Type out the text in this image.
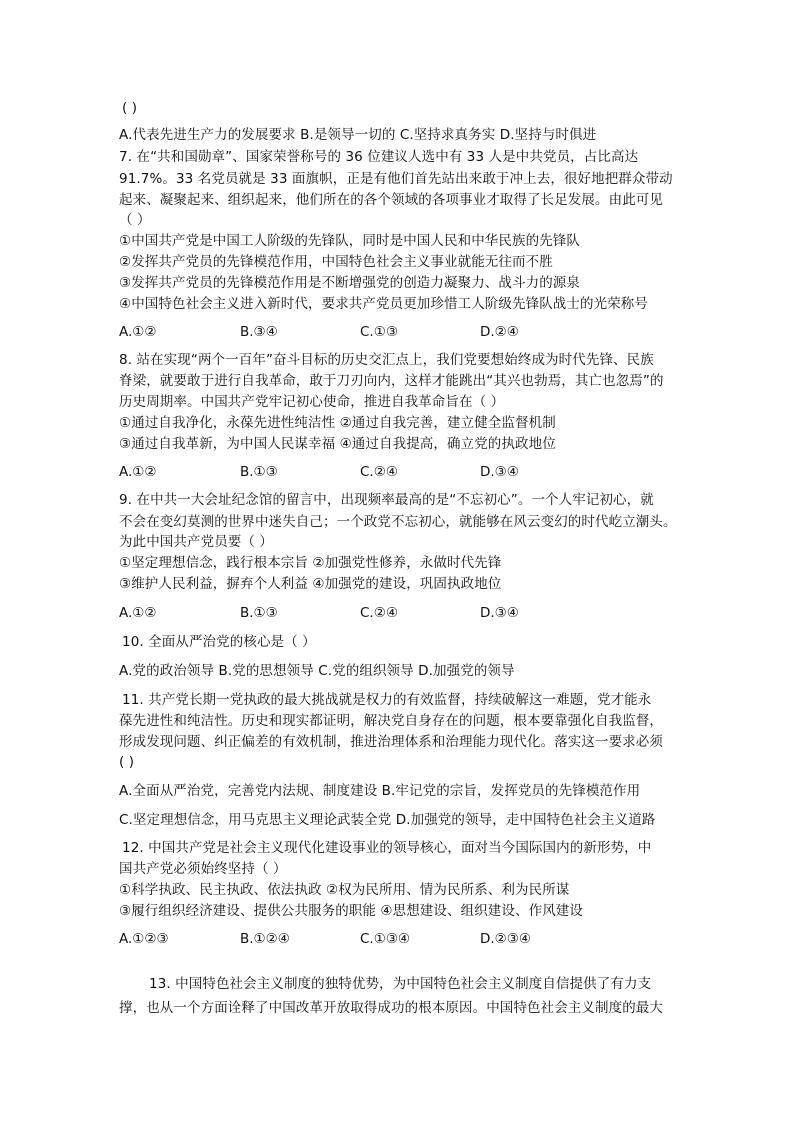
( )
A.代表先进生产力的发展要求 B.是领导一切的 C.坚持求真务实 D.坚持与时俱进
7. 在“共和国勋章”、国家荣誉称号的 36 位建议人选中有 33 人是中共党员，占比高达
91.7%。33 名党员就是 33 面旗帜，正是有他们首先站出来敢于冲上去，很好地把群众带动
起来、凝聚起来、组织起来，他们所在的各个领域的各项事业才取得了长足发展。由此可见
（ ）
①中国共产党是中国工人阶级的先锋队，同时是中国人民和中华民族的先锋队
②发挥共产党员的先锋模范作用，中国特色社会主义事业就能无往而不胜
③发挥共产党员的先锋模范作用是不断增强党的创造力凝聚力、战斗力的源泉
④中国特色社会主义进入新时代，要求共产党员更加珍惜工人阶级先锋队战士的光荣称号
A.①②	B.③④	C.①③	D.②④
8. 站在实现“两个一百年”奋斗目标的历史交汇点上，我们党要想始终成为时代先锋、民族
脊梁，就要敢于进行自我革命，敢于刀刃向内，这样才能跳出“其兴也勃焉，其亡也忽焉”的
历史周期率。中国共产党牢记初心使命，推进自我革命旨在（ ）
①通过自我净化，永葆先进性纯洁性 ②通过自我完善，建立健全监督机制
③通过自我革新，为中国人民谋幸福 ④通过自我提高，确立党的执政地位
A.①②	B.①③	C.②④	D.③④
9. 在中共一大会址纪念馆的留言中，出现频率最高的是“不忘初心”。一个人牢记初心，就
不会在变幻莫测的世界中迷失自己；一个政党不忘初心，就能够在风云变幻的时代屹立潮头。
为此中国共产党员要（ ）
①坚定理想信念，践行根本宗旨 ②加强党性修养，永做时代先锋
③维护人民利益，摒弃个人利益 ④加强党的建设，巩固执政地位
A.①②	B.①③	C.②④	D.③④
10. 全面从严治党的核心是（ ）
A.党的政治领导 B.党的思想领导 C.党的组织领导 D.加强党的领导
11. 共产党长期一党执政的最大挑战就是权力的有效监督，持续破解这一难题，党才能永
葆先进性和纯洁性。历史和现实都证明，解决党自身存在的问题，根本要靠强化自我监督，
形成发现问题、纠正偏差的有效机制，推进治理体系和治理能力现代化。落实这一要求必须
( )
A.全面从严治党，完善党内法规、制度建设 B.牢记党的宗旨，发挥党员的先锋模范作用
C.坚定理想信念，用马克思主义理论武装全党 D.加强党的领导，走中国特色社会主义道路
12. 中国共产党是社会主义现代化建设事业的领导核心，面对当今国际国内的新形势，中
国共产党必须始终坚持（ ）
①科学执政、民主执政、依法执政 ②权为民所用、情为民所系、利为民所谋
③履行组织经济建设、提供公共服务的职能 ④思想建设、组织建设、作风建设
A.①②③	B.①②④	C.①③④	D.②③④
13. 中国特色社会主义制度的独特优势，为中国特色社会主义制度自信提供了有力支
撑，也从一个方面诠释了中国改革开放取得成功的根本原因。中国特色社会主义制度的最大
